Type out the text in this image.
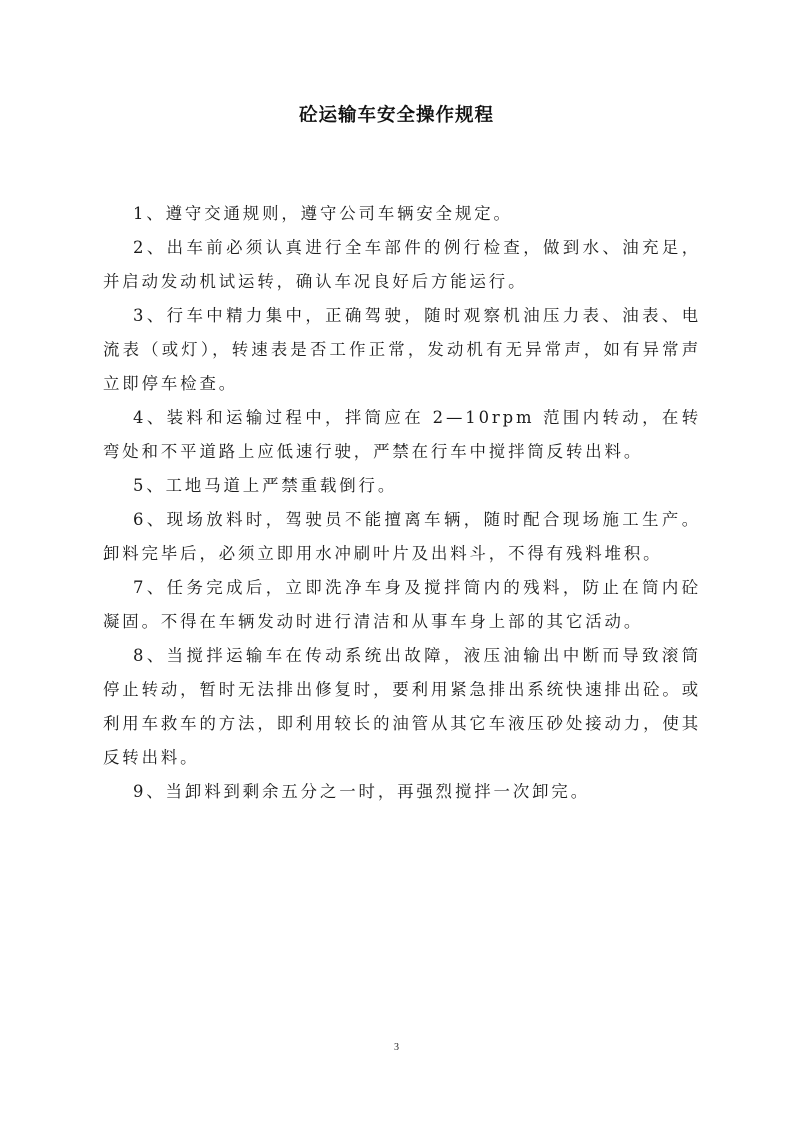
砼运输车安全操作规程

1、遵守交通规则，遵守公司车辆安全规定。

2、出车前必须认真进行全车部件的例行检查，做到水、油充足，并启动发动机试运转，确认车况良好后方能运行。

3、行车中精力集中，正确驾驶，随时观察机油压力表、油表、电流表（或灯），转速表是否工作正常，发动机有无异常声，如有异常声立即停车检查。

4、装料和运输过程中，拌筒应在 2—10rpm 范围内转动，在转弯处和不平道路上应低速行驶，严禁在行车中搅拌筒反转出料。

5、工地马道上严禁重载倒行。

6、现场放料时，驾驶员不能擅离车辆，随时配合现场施工生产。卸料完毕后，必须立即用水冲刷叶片及出料斗，不得有残料堆积。

7、任务完成后，立即洗净车身及搅拌筒内的残料，防止在筒内砼凝固。不得在车辆发动时进行清洁和从事车身上部的其它活动。

8、当搅拌运输车在传动系统出故障，液压油输出中断而导致滚筒停止转动，暂时无法排出修复时，要利用紧急排出系统快速排出砼。或利用车救车的方法，即利用较长的油管从其它车液压砂处接动力，使其反转出料。

9、当卸料到剩余五分之一时，再强烈搅拌一次卸完。

3
